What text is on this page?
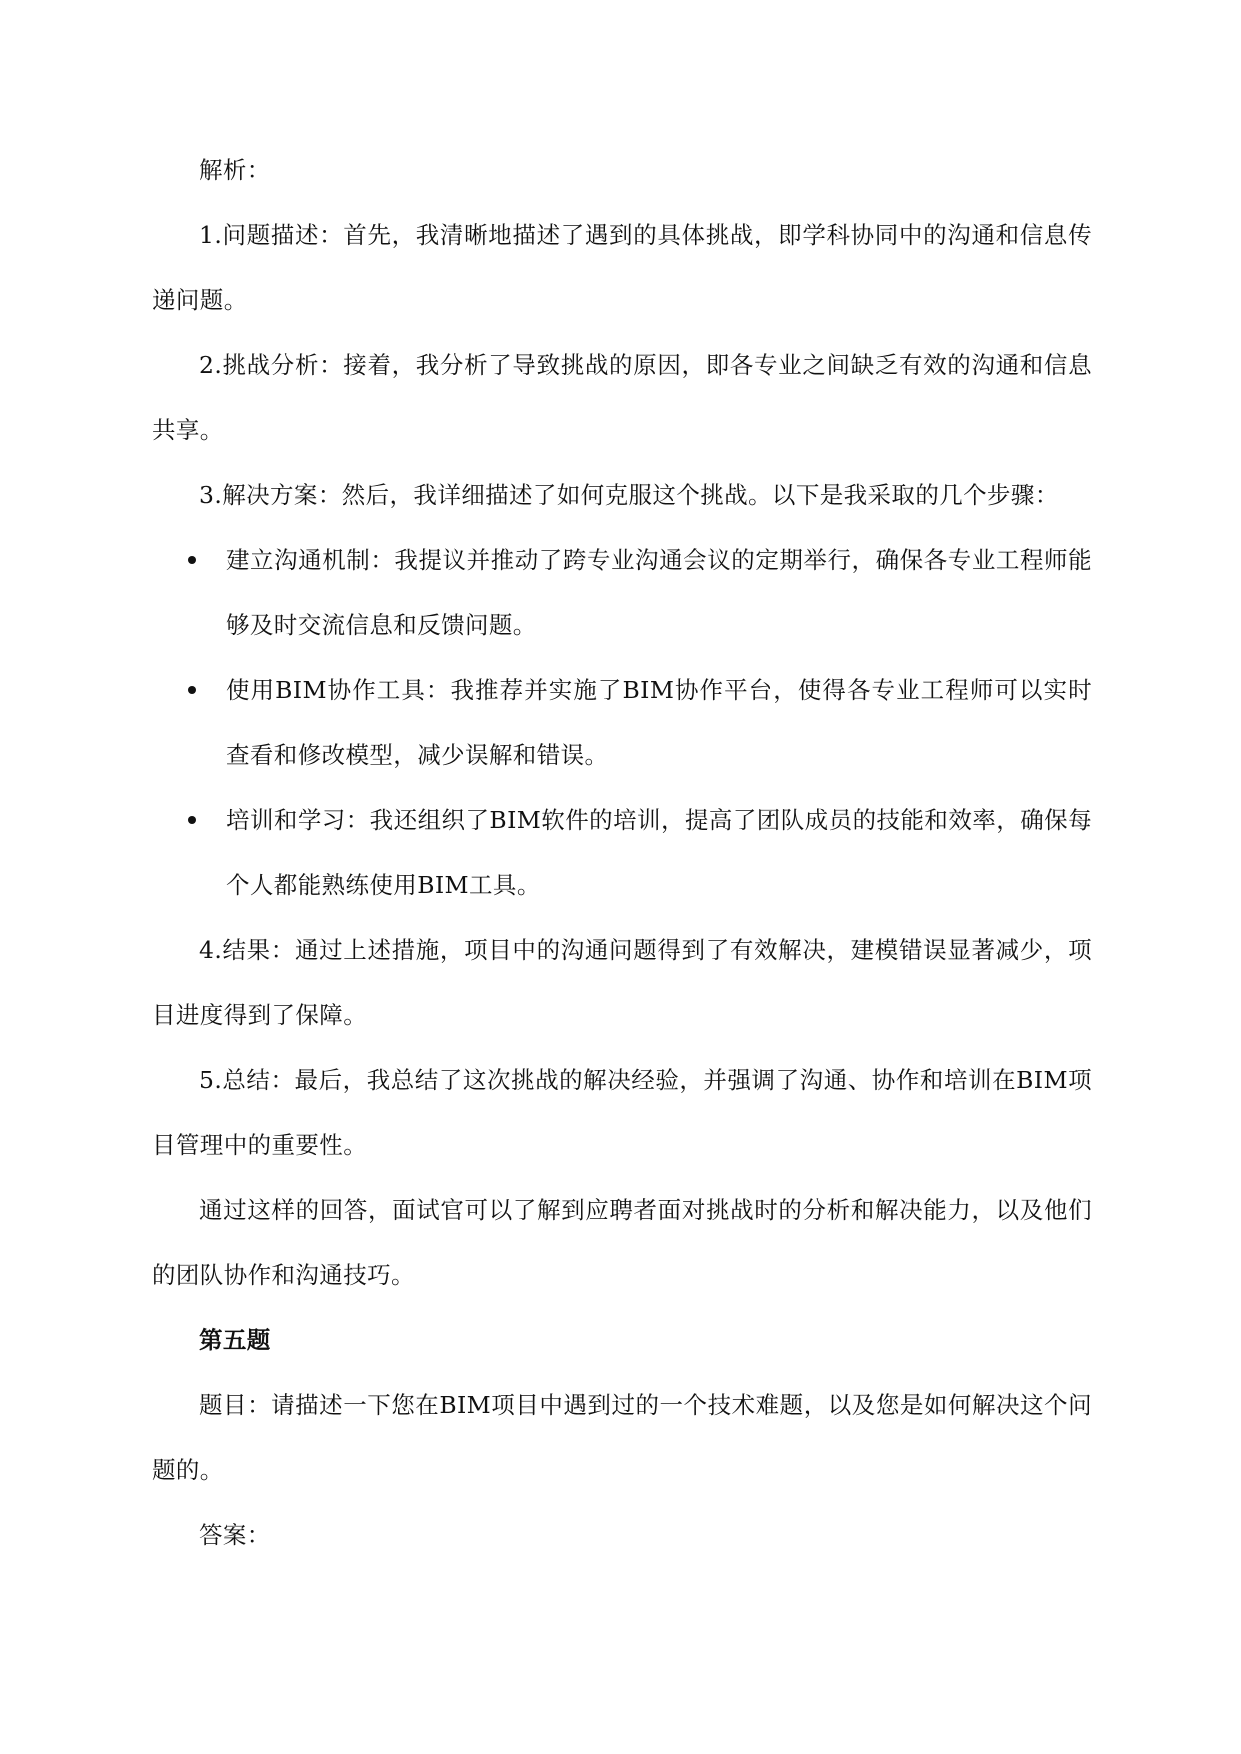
解析：

1.问题描述：首先，我清晰地描述了遇到的具体挑战，即学科协同中的沟通和信息传递问题。

2.挑战分析：接着，我分析了导致挑战的原因，即各专业之间缺乏有效的沟通和信息共享。

3.解决方案：然后，我详细描述了如何克服这个挑战。以下是我采取的几个步骤：

建立沟通机制：我提议并推动了跨专业沟通会议的定期举行，确保各专业工程师能够及时交流信息和反馈问题。
使用BIM协作工具：我推荐并实施了BIM协作平台，使得各专业工程师可以实时查看和修改模型，减少误解和错误。
培训和学习：我还组织了BIM软件的培训，提高了团队成员的技能和效率，确保每个人都能熟练使用BIM工具。

4.结果：通过上述措施，项目中的沟通问题得到了有效解决，建模错误显著减少，项目进度得到了保障。

5.总结：最后，我总结了这次挑战的解决经验，并强调了沟通、协作和培训在BIM项目管理中的重要性。

通过这样的回答，面试官可以了解到应聘者面对挑战时的分析和解决能力，以及他们的团队协作和沟通技巧。

第五题

题目：请描述一下您在BIM项目中遇到过的一个技术难题，以及您是如何解决这个问题的。

答案：
